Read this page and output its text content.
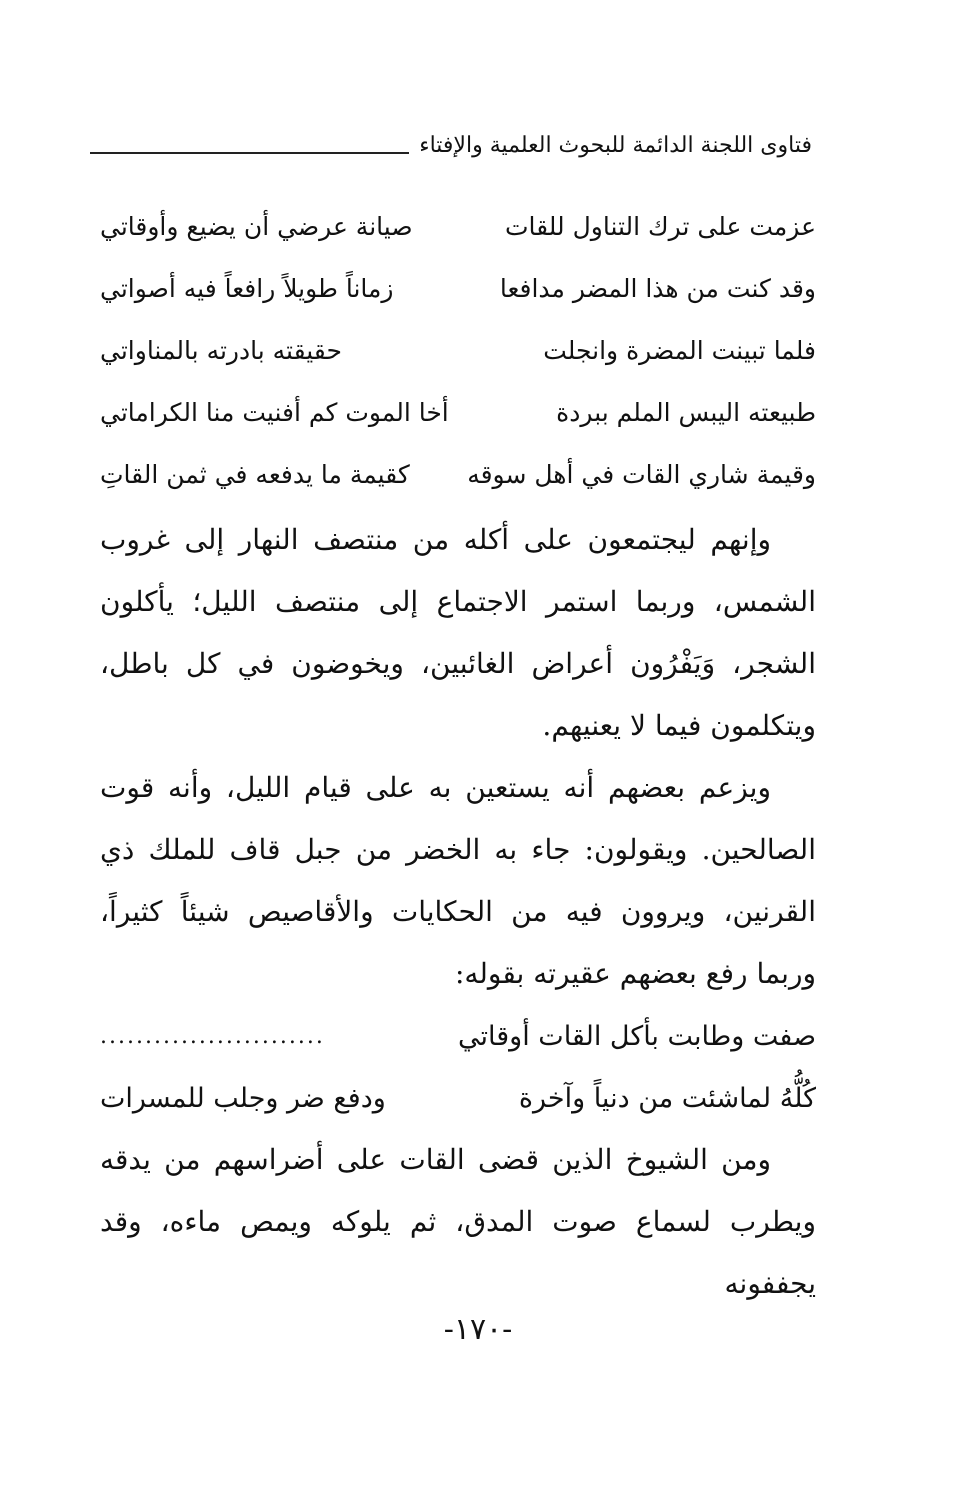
فتاوى اللجنة الدائمة للبحوث العلمية والإفتاء
عزمت على ترك التناول للقات
صيانة عرضي أن يضيع وأوقاتي
وقد كنت من هذا المضر مدافعا
زماناً طويلاً رافعاً فيه أصواتي
فلما تبينت المضرة وانجلت
حقيقته بادرته بالمناواتي
طبيعته اليبس الملم ببردة
أخا الموت كم أفنيت منا الكراماتي
وقيمة شاري القات في أهل سوقه
كقيمة ما يدفعه في ثمن القاتِ

وإنهم ليجتمعون على أكله من منتصف النهار إلى غروب الشمس، وربما استمر الاجتماع إلى منتصف الليل؛ يأكلون الشجر، وَيَفْرُون أعراض الغائبين، ويخوضون في كل باطل، ويتكلمون فيما لا يعنيهم.

ويزعم بعضهم أنه يستعين به على قيام الليل، وأنه قوت الصالحين. ويقولون: جاء به الخضر من جبل قاف للملك ذي القرنين، ويروون فيه من الحكايات والأقاصيص شيئاً كثيراً، وربما رفع بعضهم عقيرته بقوله:

صفت وطابت بأكل القات أوقاتي
.........................
كُلُّهُ لماشئت من دنياً وآخرة
ودفع ضر وجلب للمسرات

ومن الشيوخ الذين قضى القات على أضراسهم من يدقه ويطرب لسماع صوت المدق، ثم يلوكه ويمص ماءه، وقد يجففونه

-١٧٠-
